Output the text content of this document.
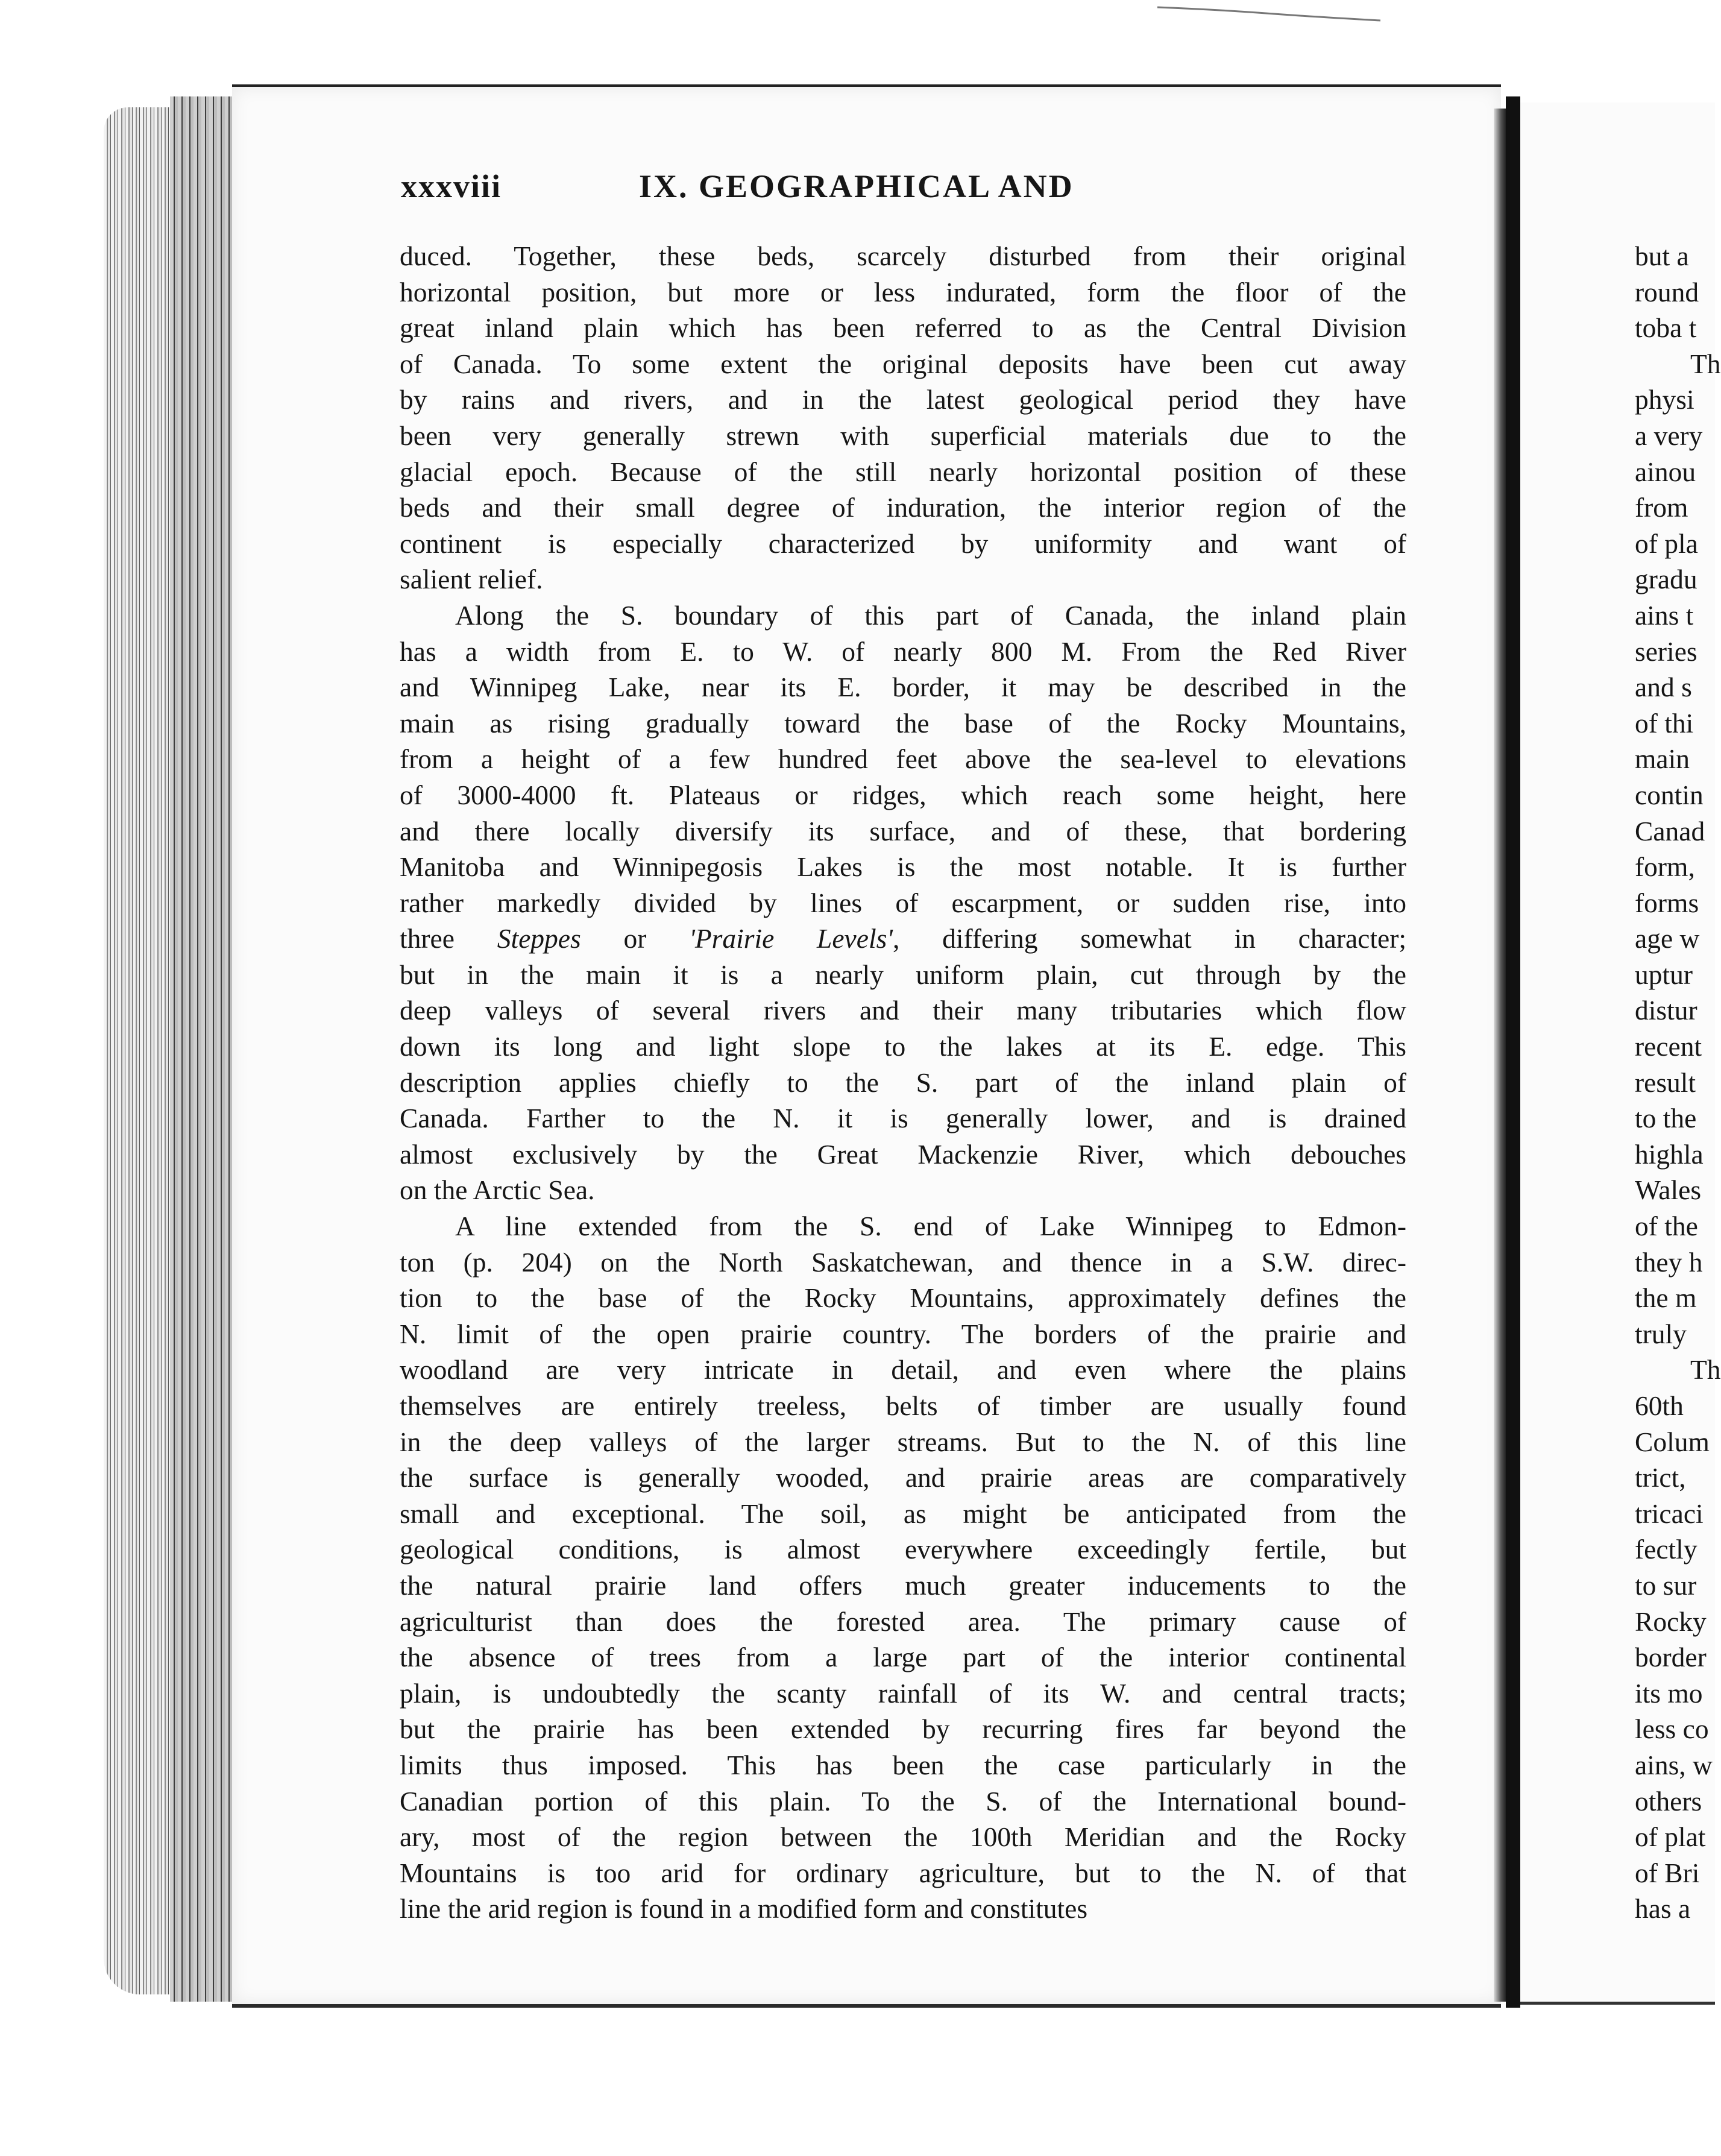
but a
round
toba t
Th
physi
a very
ainou
from
of pla
gradu
ains t
series
and s
of thi
main
contin
Canad
form,
forms
age w
uptur
distur
recent
result
to the
highla
Wales
of the
they h
the m
truly
Th
60th
Colum
trict,
tricaci
fectly
to sur
Rocky
border
its mo
less co
ains, w
others
of plat
of Bri
has a
xxxviii	IX. GEOGRAPHICAL AND

duced. Together, these beds, scarcely disturbed from their original
horizontal position, but more or less indurated, form the floor of the
great inland plain which has been referred to as the Central Division
of Canada. To some extent the original deposits have been cut away
by rains and rivers, and in the latest geological period they have
been very generally strewn with superficial materials due to the
glacial epoch. Because of the still nearly horizontal position of these
beds and their small degree of induration, the interior region of the
continent is especially characterized by uniformity and want of
salient relief.

Along the S. boundary of this part of Canada, the inland plain
has a width from E. to W. of nearly 800 M. From the Red River
and Winnipeg Lake, near its E. border, it may be described in the
main as rising gradually toward the base of the Rocky Mountains,
from a height of a few hundred feet above the sea-level to elevations
of 3000-4000 ft. Plateaus or ridges, which reach some height, here
and there locally diversify its surface, and of these, that bordering
Manitoba and Winnipegosis Lakes is the most notable. It is further
rather markedly divided by lines of escarpment, or sudden rise, into
three Steppes or 'Prairie Levels', differing somewhat in character;
but in the main it is a nearly uniform plain, cut through by the
deep valleys of several rivers and their many tributaries which flow
down its long and light slope to the lakes at its E. edge. This
description applies chiefly to the S. part of the inland plain of
Canada. Farther to the N. it is generally lower, and is drained
almost exclusively by the Great Mackenzie River, which debouches
on the Arctic Sea.

A line extended from the S. end of Lake Winnipeg to Edmon-
ton (p. 204) on the North Saskatchewan, and thence in a S.W. direc-
tion to the base of the Rocky Mountains, approximately defines the
N. limit of the open prairie country. The borders of the prairie and
woodland are very intricate in detail, and even where the plains
themselves are entirely treeless, belts of timber are usually found
in the deep valleys of the larger streams. But to the N. of this line
the surface is generally wooded, and prairie areas are comparatively
small and exceptional. The soil, as might be anticipated from the
geological conditions, is almost everywhere exceedingly fertile, but
the natural prairie land offers much greater inducements to the
agriculturist than does the forested area. The primary cause of
the absence of trees from a large part of the interior continental
plain, is undoubtedly the scanty rainfall of its W. and central tracts;
but the prairie has been extended by recurring fires far beyond the
limits thus imposed. This has been the case particularly in the
Canadian portion of this plain. To the S. of the International bound-
ary, most of the region between the 100th Meridian and the Rocky
Mountains is too arid for ordinary agriculture, but to the N. of that
line the arid region is found in a modified form and constitutes
